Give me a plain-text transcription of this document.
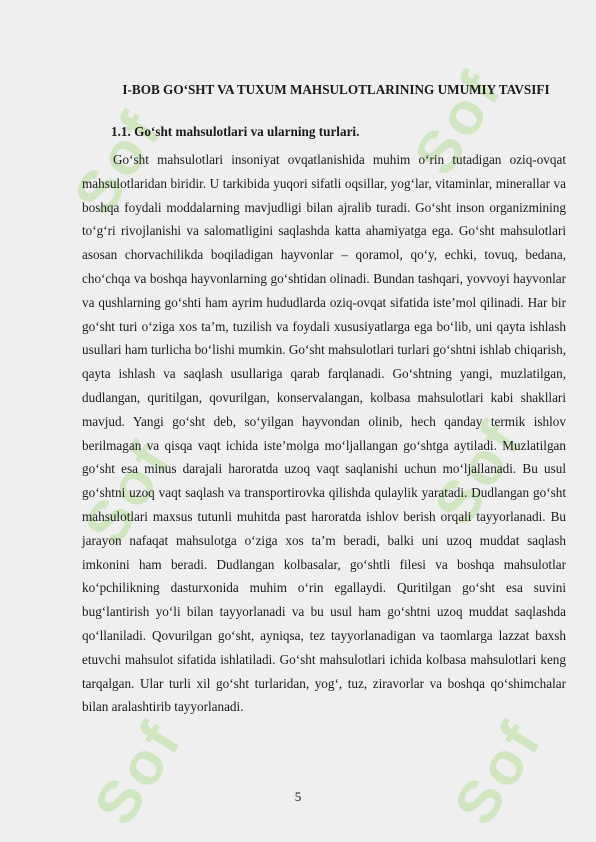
Sof	Sof
Sof	Sof
Sof	Sof
I-BOB GO‘SHT VA TUXUM MAHSULOTLARINING UMUMIY TAVSIFI
1.1. Go‘sht mahsulotlari va ularning turlari.

Go‘sht mahsulotlari insoniyat ovqatlanishida muhim o‘rin tutadigan oziq-ovqat mahsulotlaridan biridir. U tarkibida yuqori sifatli oqsillar, yog‘lar, vitaminlar, minerallar va boshqa foydali moddalarning mavjudligi bilan ajralib turadi. Go‘sht inson organizmining to‘g‘ri rivojlanishi va salomatligini saqlashda katta ahamiyatga ega. Go‘sht mahsulotlari asosan chorvachilikda boqiladigan hayvonlar – qoramol, qo‘y, echki, tovuq, bedana, cho‘chqa va boshqa hayvonlarning go‘shtidan olinadi. Bundan tashqari, yovvoyi hayvonlar va qushlarning go‘shti ham ayrim hududlarda oziq-ovqat sifatida iste’mol qilinadi. Har bir go‘sht turi o‘ziga xos ta’m, tuzilish va foydali xususiyatlarga ega bo‘lib, uni qayta ishlash usullari ham turlicha bo‘lishi mumkin. Go‘sht mahsulotlari turlari go‘shtni ishlab chiqarish, qayta ishlash va saqlash usullariga qarab farqlanadi. Go‘shtning yangi, muzlatilgan, dudlangan, quritilgan, qovurilgan, konservalangan, kolbasa mahsulotlari kabi shakllari mavjud. Yangi go‘sht deb, so‘yilgan hayvondan olinib, hech qanday termik ishlov berilmagan va qisqa vaqt ichida iste’molga mo‘ljallangan go‘shtga aytiladi. Muzlatilgan go‘sht esa minus darajali haroratda uzoq vaqt saqlanishi uchun mo‘ljallanadi. Bu usul go‘shtni uzoq vaqt saqlash va transportirovka qilishda qulaylik yaratadi. Dudlangan go‘sht mahsulotlari maxsus tutunli muhitda past haroratda ishlov berish orqali tayyorlanadi. Bu jarayon nafaqat mahsulotga o‘ziga xos ta’m beradi, balki uni uzoq muddat saqlash imkonini ham beradi. Dudlangan kolbasalar, go‘shtli filesi va boshqa mahsulotlar ko‘pchilikning dasturxonida muhim o‘rin egallaydi. Quritilgan go‘sht esa suvini bug‘lantirish yo‘li bilan tayyorlanadi va bu usul ham go‘shtni uzoq muddat saqlashda qo‘llaniladi. Qovurilgan go‘sht, ayniqsa, tez tayyorlanadigan va taomlarga lazzat baxsh etuvchi mahsulot sifatida ishlatiladi. Go‘sht mahsulotlari ichida kolbasa mahsulotlari keng tarqalgan. Ular turli xil go‘sht turlaridan, yog‘, tuz, ziravorlar va boshqa qo‘shimchalar bilan aralashtirib tayyorlanadi.

5
